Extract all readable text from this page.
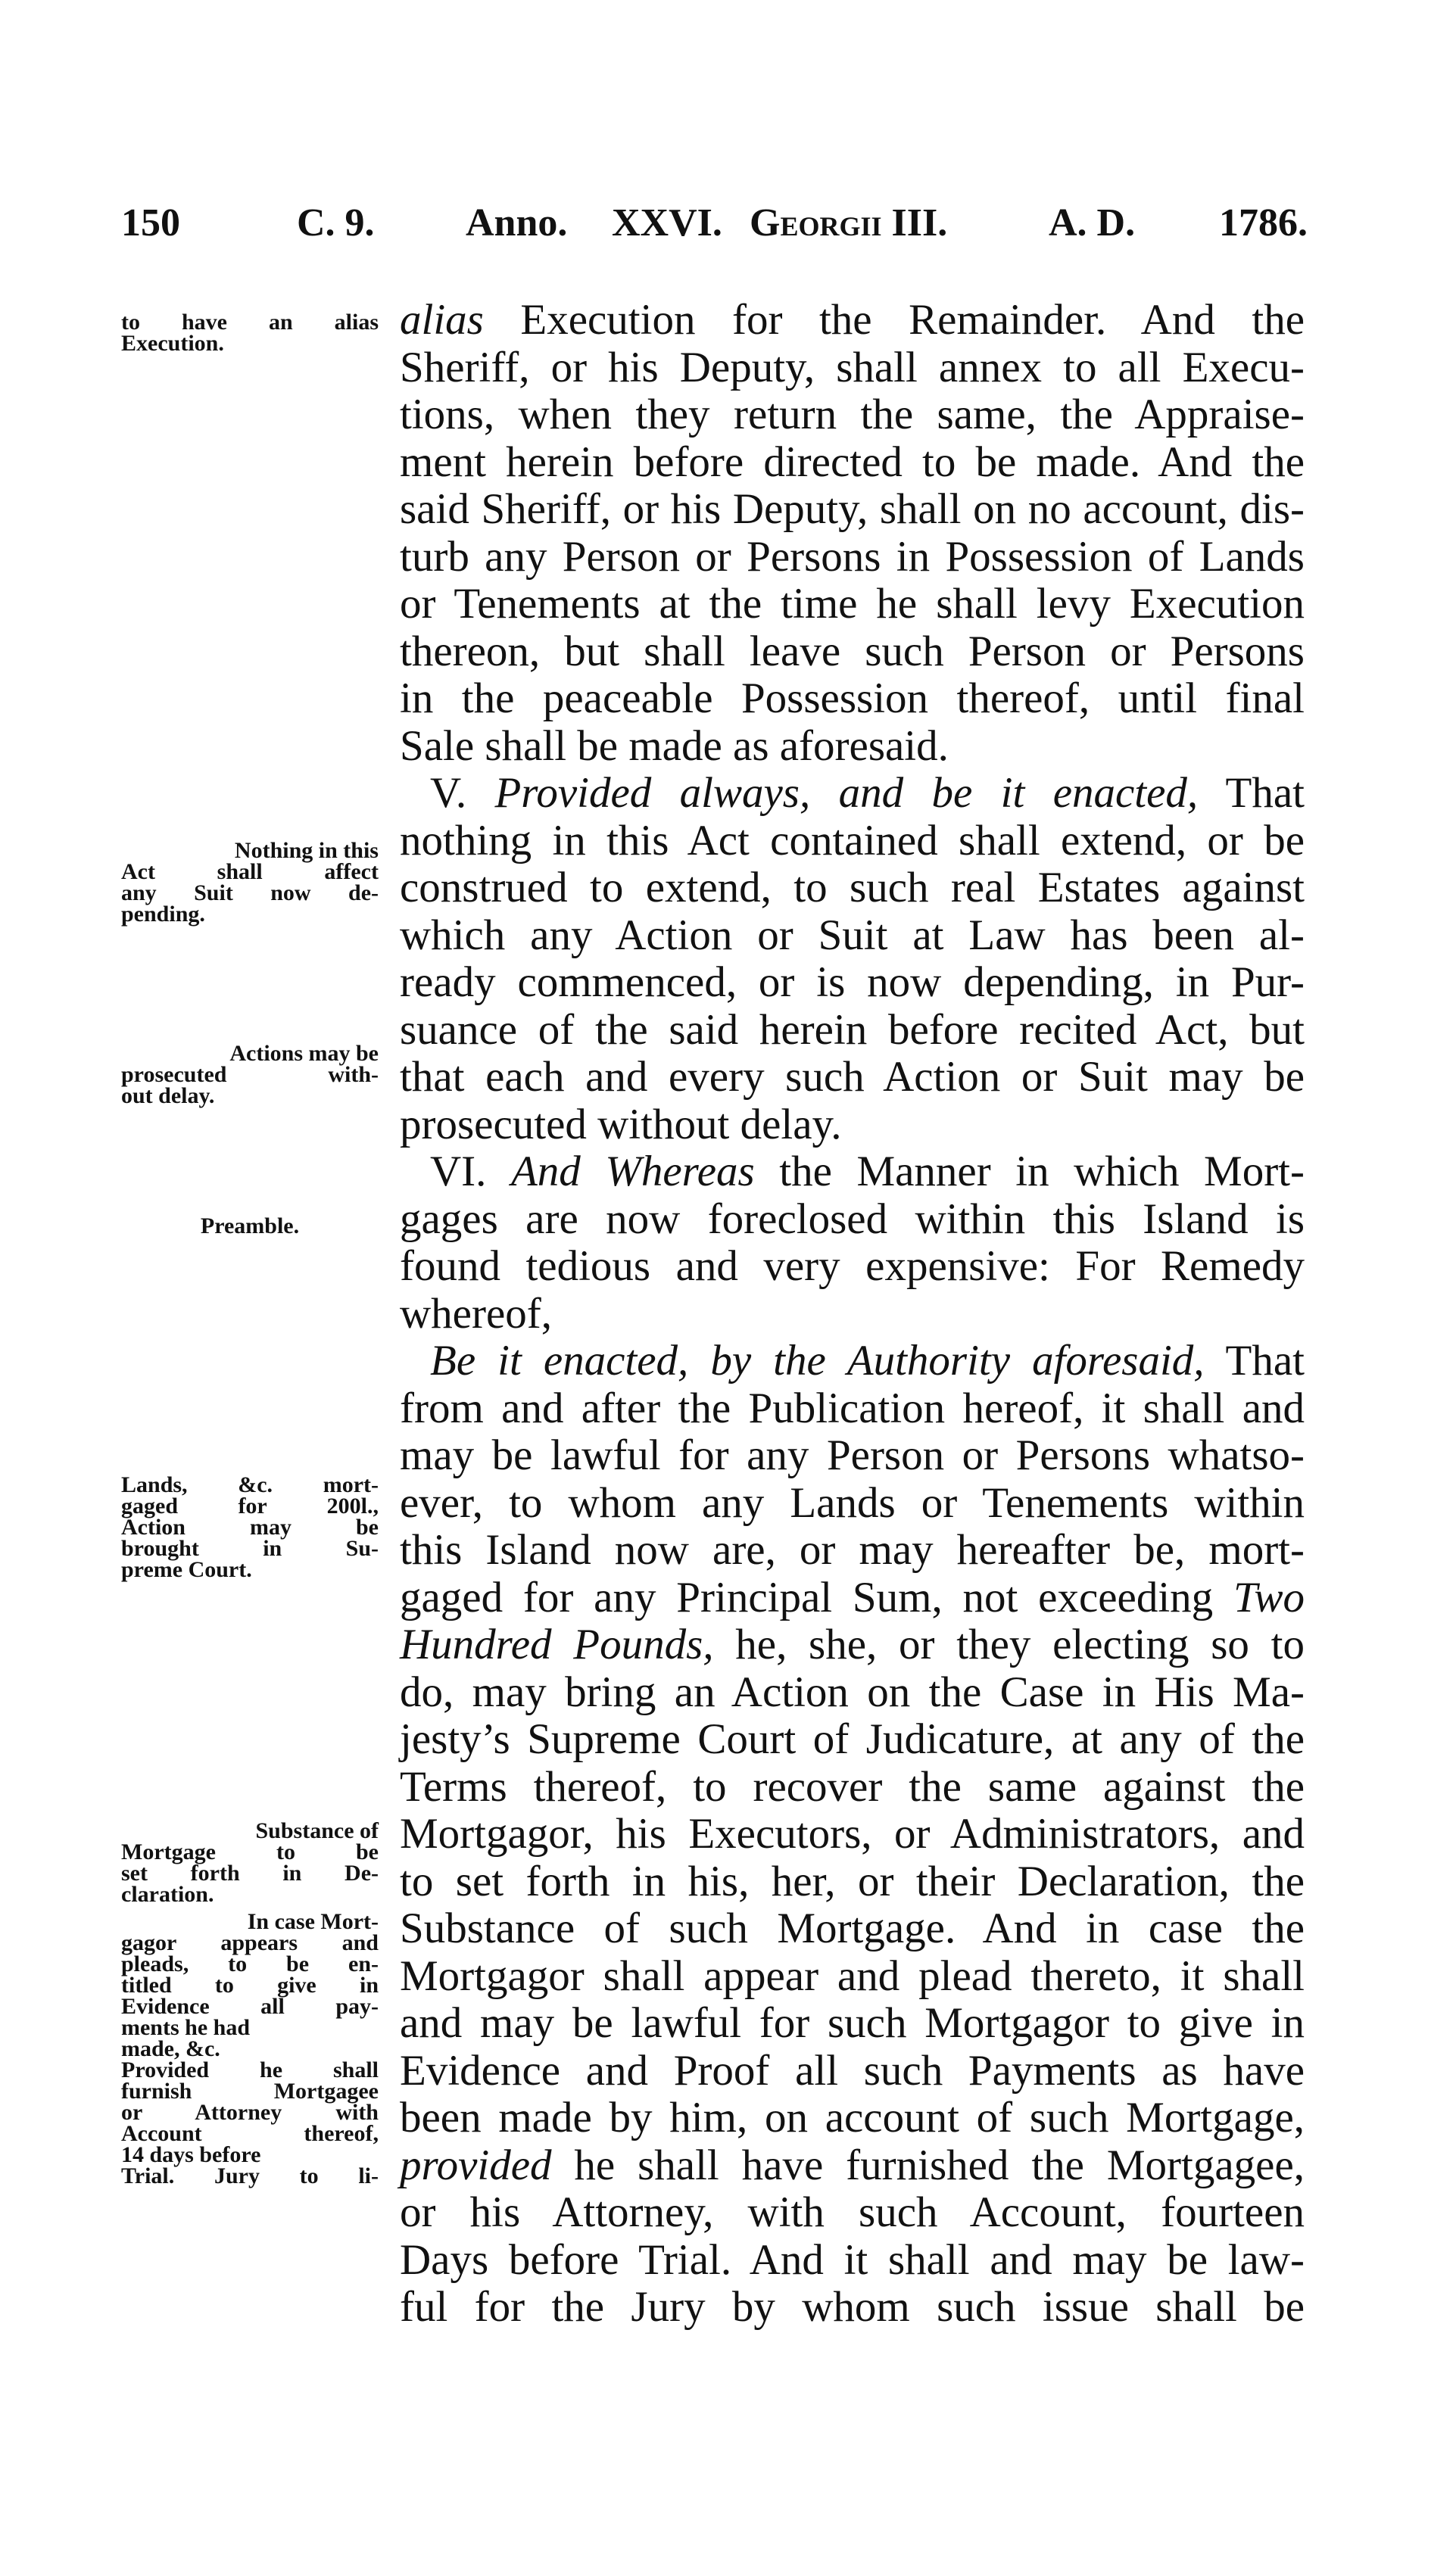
150	C. 9. Anno. XXVI. Georgii III.	A. D. 1786.
alias Execution for the Remainder. And the
Sheriff, or his Deputy, shall annex to all Execu-
tions, when they return the same, the Appraise-
ment herein before directed to be made. And the
said Sheriff, or his Deputy, shall on no account, dis-
turb any Person or Persons in Possession of Lands
or Tenements at the time he shall levy Execution
thereon, but shall leave such Person or Persons
in the peaceable Possession thereof, until final
Sale shall be made as aforesaid.
V. Provided always, and be it enacted, That
nothing in this Act contained shall extend, or be
construed to extend, to such real Estates against
which any Action or Suit at Law has been al-
ready commenced, or is now depending, in Pur-
suance of the said herein before recited Act, but
that each and every such Action or Suit may be
prosecuted without delay.
VI. And Whereas the Manner in which Mort-
gages are now foreclosed within this Island is
found tedious and very expensive: For Remedy
whereof,
Be it enacted, by the Authority aforesaid, That
from and after the Publication hereof, it shall and
may be lawful for any Person or Persons whatso-
ever, to whom any Lands or Tenements within
this Island now are, or may hereafter be, mort-
gaged for any Principal Sum, not exceeding Two
Hundred Pounds, he, she, or they electing so to
do, may bring an Action on the Case in His Ma-
jesty’s Supreme Court of Judicature, at any of the
Terms thereof, to recover the same against the
Mortgagor, his Executors, or Administrators, and
to set forth in his, her, or their Declaration, the
Substance of such Mortgage. And in case the
Mortgagor shall appear and plead thereto, it shall
and may be lawful for such Mortgagor to give in
Evidence and Proof all such Payments as have
been made by him, on account of such Mortgage,
provided he shall have furnished the Mortgagee,
or his Attorney, with such Account, fourteen
Days before Trial. And it shall and may be law-
ful for the Jury by whom such issue shall be
to have an alias
Execution.
Nothing in this
Act shall affect
any Suit now de-
pending.
Actions may be
prosecuted with-
out delay.
Preamble.
Lands, &c. mort-
gaged for 200l.,
Action may be
brought in Su-
preme Court.
Substance of
Mortgage to be
set forth in De-
claration.
In case Mort-
gagor appears and
pleads, to be en-
titled to give in
Evidence all pay-
ments he had
made, &c.
Provided he shall
furnish Mortgagee
or Attorney with
Account thereof,
14 days before
Trial. Jury to li-
